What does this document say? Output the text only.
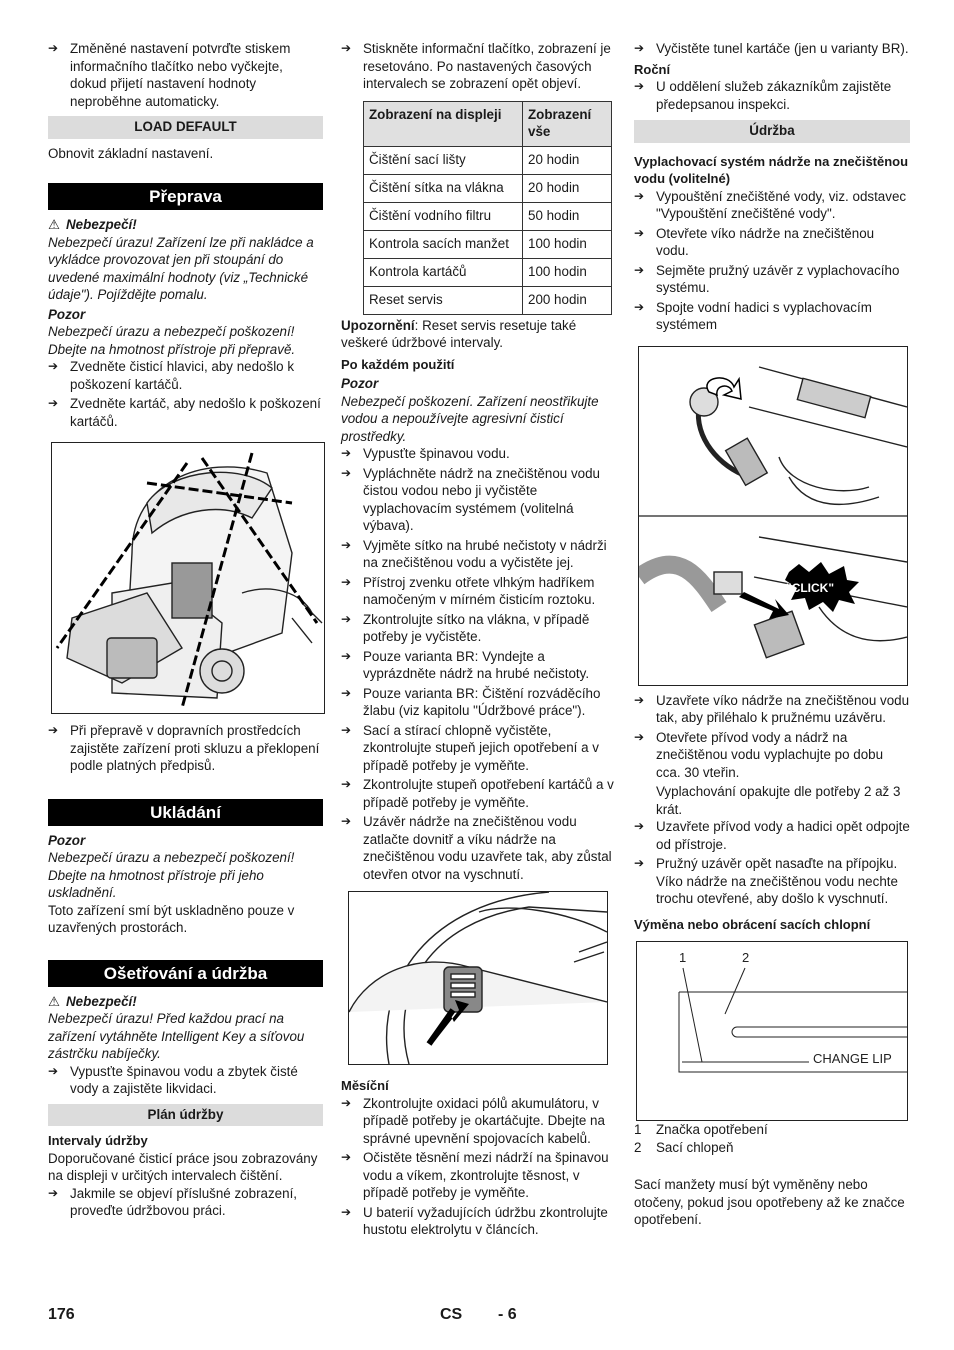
➔ Změněné nastavení potvrďte stiskem informačního tlačítko nebo vyčkejte, dokud přijetí nastavení hodnoty neproběhne automaticky.

LOAD DEFAULT

Obnovit základní nastavení.

Přeprava

⚠ Nebezpečí!

Nebezpečí úrazu! Zařízení lze při nakládce a vykládce provozovat jen při stoupání do uvedené maximální hodnoty (viz „Technické údaje"). Pojíždějte pomalu.

Pozor

Nebezpečí úrazu a nebezpečí poškození! Dbejte na hmotnost přístroje při přepravě.

➔ Zvedněte čisticí hlavici, aby nedošlo k poškození kartáčů.

➔ Zvedněte kartáč, aby nedošlo k poškození kartáčů.

➔ Při přepravě v dopravních prostředcích zajistěte zařízení proti skluzu a překlopení podle platných předpisů.

Ukládání

Pozor

Nebezpečí úrazu a nebezpečí poškození! Dbejte na hmotnost přístroje při jeho uskladnění.

Toto zařízení smí být uskladněno pouze v uzavřených prostorách.

Ošetřování a údržba

⚠ Nebezpečí!

Nebezpečí úrazu! Před každou prací na zařízení vytáhněte Intelligent Key a síťovou zástrčku nabíječky.

➔ Vypusťte špinavou vodu a zbytek čisté vody a zajistěte likvidaci.

Plán údržby

Intervaly údržby

Doporučované čisticí práce jsou zobrazovány na displeji v určitých intervalech čištění.

➔ Jakmile se objeví příslušné zobrazení, proveďte údržbovou práci.

➔ Stiskněte informační tlačítko, zobrazení je resetováno. Po nastavených časových intervalech se zobrazení opět objeví.

Zobrazení na displeji	Zobrazení vše
Čištění sací lišty	20 hodin
Čištění sítka na vlákna	20 hodin
Čištění vodního filtru	50 hodin
Kontrola sacích manžet	100 hodin
Kontrola kartáčů	100 hodin
Reset servis	200 hodin

Upozornění: Reset servis resetuje také veškeré údržbové intervaly.

Po každém použití

Pozor

Nebezpečí poškození. Zařízení neostřikujte vodou a nepoužívejte agresivní čisticí prostředky.

➔ Vypusťte špinavou vodu.

➔ Vypláchněte nádrž na znečištěnou vodu čistou vodou nebo ji vyčistěte vyplachovacím systémem (volitelná výbava).

➔ Vyjměte sítko na hrubé nečistoty v nádrži na znečištěnou vodu a vyčistěte jej.

➔ Přístroj zvenku otřete vlhkým hadříkem namočeným v mírném čisticím roztoku.

➔ Zkontrolujte sítko na vlákna, v případě potřeby je vyčistěte.

➔ Pouze varianta BR: Vyndejte a vyprázdněte nádrž na hrubé nečistoty.

➔ Pouze varianta BR: Čištění rozváděcího žlabu (viz kapitolu "Údržbové práce").

➔ Sací a stírací chlopně vyčistěte, zkontrolujte stupeň jejich opotřebení a v případě potřeby je vyměňte.

➔ Zkontrolujte stupeň opotřebení kartáčů a v případě potřeby je vyměňte.

➔ Uzávěr nádrže na znečištěnou vodu zatlačte dovnitř a víku nádrže na znečištěnou vodu uzavřete tak, aby zůstal otevřen otvor na vyschnutí.

Měsíční

➔ Zkontrolujte oxidaci pólů akumulátoru, v případě potřeby je okartáčujte. Dbejte na správné upevnění spojovacích kabelů.

➔ Očistěte těsnění mezi nádrží na špinavou vodu a víkem, zkontrolujte těsnost, v případě potřeby je vyměňte.

➔ U baterií vyžadujících údržbu zkontrolujte hustotu elektrolytu v článcích.

➔ Vyčistěte tunel kartáče (jen u varianty BR).

Roční

➔ U oddělení služeb zákazníkům zajistěte předepsanou inspekci.

Údržba

Vyplachovací systém nádrže na znečištěnou vodu (volitelné)

➔ Vypouštění znečištěné vody, viz. odstavec "Vypouštění znečištěné vody".

➔ Otevřete víko nádrže na znečištěnou vodu.

➔ Sejměte pružný uzávěr z vyplachovacího systému.

➔ Spojte vodní hadici s vyplachovacím systémem

"CLICK"

➔ Uzavřete víko nádrže na znečištěnou vodu tak, aby přiléhalo k pružnému uzávěru.

➔ Otevřete přívod vody a nádrž na znečištěnou vodu vyplachujte po dobu cca. 30 vteřin.

Vyplachování opakujte dle potřeby 2 až 3 krát.

➔ Uzavřete přívod vody a hadici opět odpojte od přístroje.

➔ Pružný uzávěr opět nasaďte na přípojku. Víko nádrže na znečištěnou vodu nechte trochu otevřené, aby došlo k vyschnutí.

Výměna nebo obrácení sacích chlopní

1	2
CHANGE LIP

1 Značka opotřebení

2 Sací chlopeň

Sací manžety musí být vyměněny nebo otočeny, pokud jsou opotřebeny až ke značce opotřebení.

176	CS - 6
